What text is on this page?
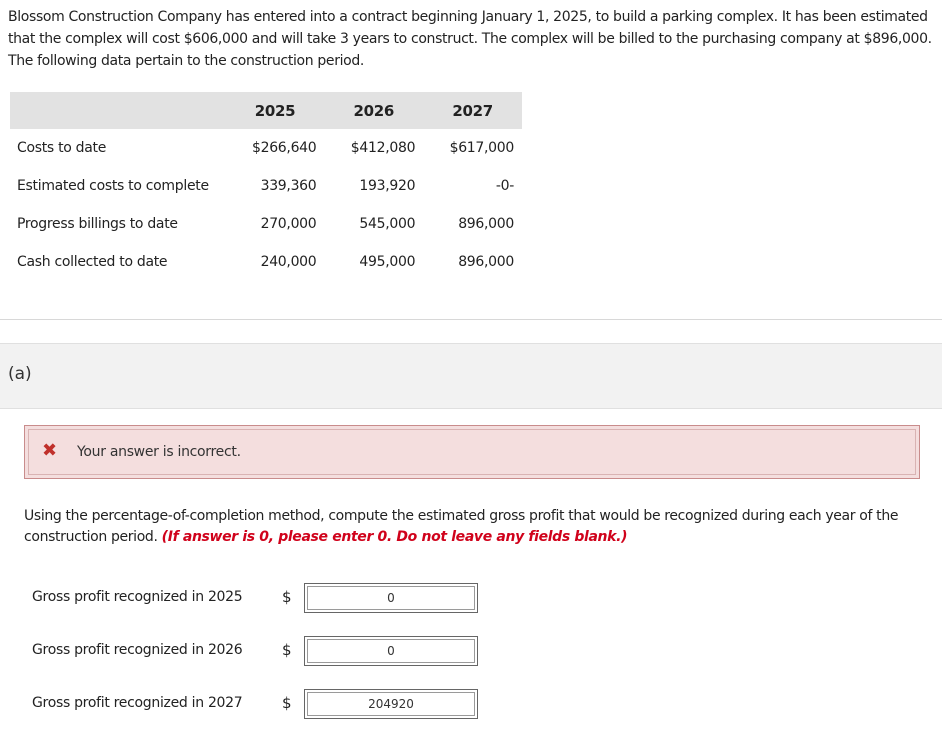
Blossom Construction Company has entered into a contract beginning January 1, 2025, to build a parking complex. It has been estimated that the complex will cost $606,000 and will take 3 years to construct. The complex will be billed to the purchasing company at $896,000. The following data pertain to the construction period.

	2025	2026	2027
Costs to date	$266,640	$412,080	$617,000
Estimated costs to complete	339,360	193,920	-0-
Progress billings to date	270,000	545,000	896,000
Cash collected to date	240,000	495,000	896,000
(a)
✖ Your answer is incorrect.

Using the percentage-of-completion method, compute the estimated gross profit that would be recognized during each year of the construction period. (If answer is 0, please enter 0. Do not leave any fields blank.)

Gross profit recognized in 2025	$
0
Gross profit recognized in 2026	$
0
Gross profit recognized in 2027	$
204920
